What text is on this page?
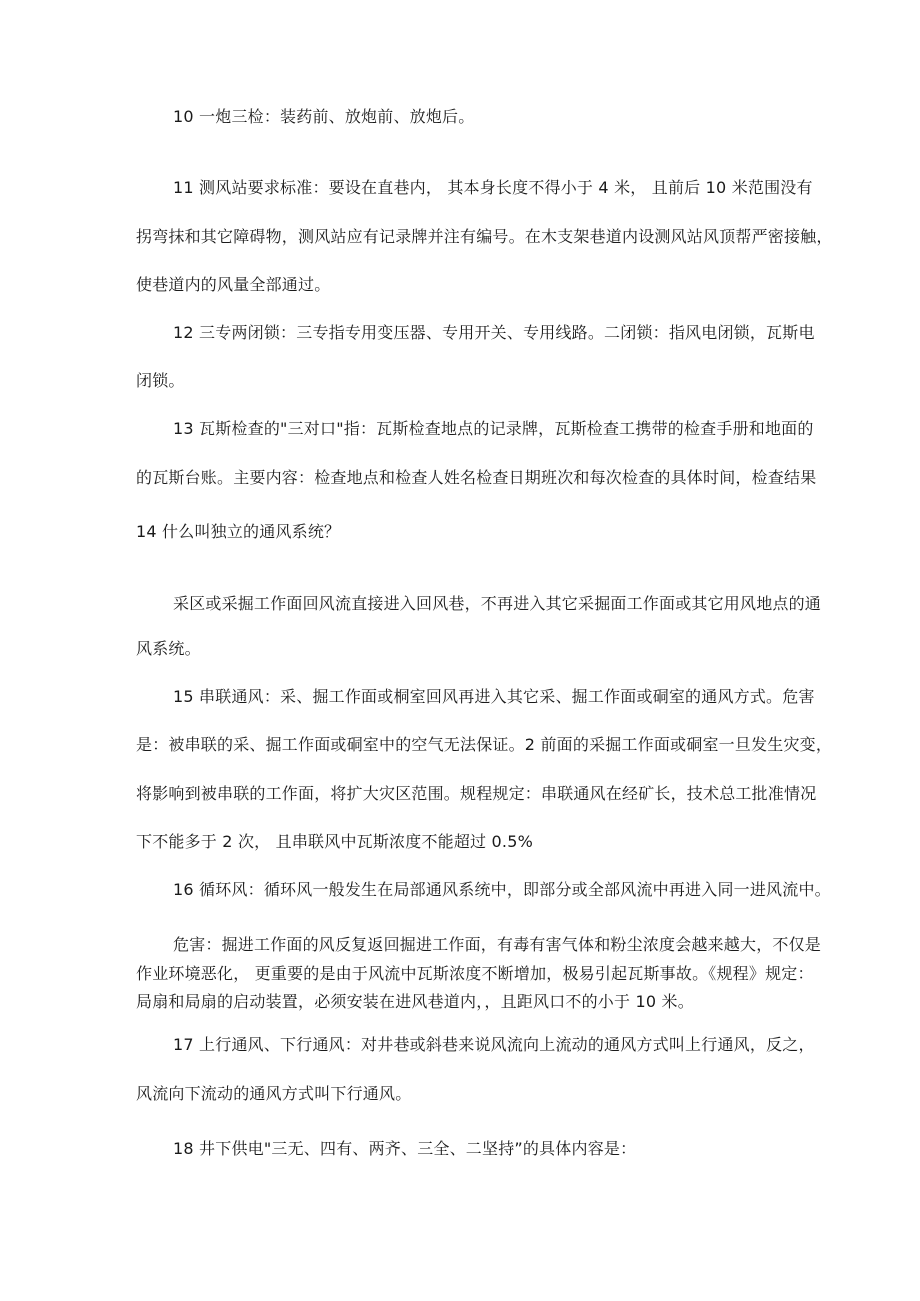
10 一炮三检：装药前、放炮前、放炮后。
11 测风站要求标准：要设在直巷内， 其本身长度不得小于 4 米， 且前后 10 米范围没有
拐弯抹和其它障碍物，测风站应有记录牌并注有编号。在木支架巷道内设测风站风顶帮严密接触，
使巷道内的风量全部通过。
12 三专两闭锁：三专指专用变压器、专用开关、专用线路。二闭锁：指风电闭锁，瓦斯电
闭锁。
13 瓦斯检查的"三对口"指：瓦斯检查地点的记录牌，瓦斯检查工携带的检查手册和地面的
的瓦斯台账。主要内容：检查地点和检查人姓名检查日期班次和每次检查的具体时间，检查结果
14 什么叫独立的通风系统？
采区或采掘工作面回风流直接进入回风巷，不再进入其它采掘面工作面或其它用风地点的通
风系统。
15 串联通风：采、掘工作面或桐室回风再进入其它采、掘工作面或硐室的通风方式。危害
是：被串联的采、掘工作面或硐室中的空气无法保证。2 前面的采掘工作面或硐室一旦发生灾变，
将影响到被串联的工作面，将扩大灾区范围。规程规定：串联通风在经矿长，技术总工批准情况
下不能多于 2 次， 且串联风中瓦斯浓度不能超过 0.5%
16 循环风：循环风一般发生在局部通风系统中，即部分或全部风流中再进入同一进风流中。
危害：掘进工作面的风反复返回掘进工作面，有毒有害气体和粉尘浓度会越来越大，不仅是
作业环境恶化， 更重要的是由于风流中瓦斯浓度不断增加，极易引起瓦斯事故。《规程》规定：
局扇和局扇的启动装置，必须安装在进风巷道内，，且距风口不的小于 10 米。
17 上行通风、下行通风：对井巷或斜巷来说风流向上流动的通风方式叫上行通风，反之，
风流向下流动的通风方式叫下行通风。
18 井下供电"三无、四有、两齐、三全、二坚持”的具体内容是：
